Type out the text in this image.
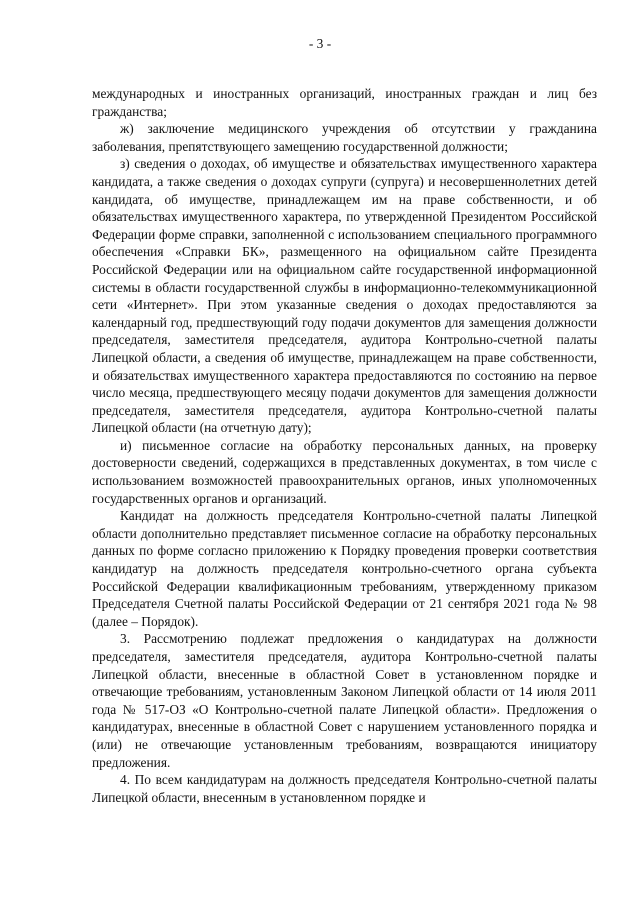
- 3 -

международных и иностранных организаций, иностранных граждан и лиц без гражданства;

ж) заключение медицинского учреждения об отсутствии у гражданина заболевания, препятствующего замещению государственной должности;

з) сведения о доходах, об имуществе и обязательствах имущественного характера кандидата, а также сведения о доходах супруги (супруга) и несовершеннолетних детей кандидата, об имуществе, принадлежащем им на праве собственности, и об обязательствах имущественного характера, по утвержденной Президентом Российской Федерации форме справки, заполненной с использованием специального программного обеспечения «Справки БК», размещенного на официальном сайте Президента Российской Федерации или на официальном сайте государственной информационной системы в области государственной службы в информационно-телекоммуникационной сети «Интернет». При этом указанные сведения о доходах предоставляются за календарный год, предшествующий году подачи документов для замещения должности председателя, заместителя председателя, аудитора Контрольно-счетной палаты Липецкой области, а сведения об имуществе, принадлежащем на праве собственности, и обязательствах имущественного характера предоставляются по состоянию на первое число месяца, предшествующего месяцу подачи документов для замещения должности председателя, заместителя председателя, аудитора Контрольно-счетной палаты Липецкой области (на отчетную дату);

и) письменное согласие на обработку персональных данных, на проверку достоверности сведений, содержащихся в представленных документах, в том числе с использованием возможностей правоохранительных органов, иных уполномоченных государственных органов и организаций.

Кандидат на должность председателя Контрольно-счетной палаты Липецкой области дополнительно представляет письменное согласие на обработку персональных данных по форме согласно приложению к Порядку проведения проверки соответствия кандидатур на должность председателя контрольно-счетного органа субъекта Российской Федерации квалификационным требованиям, утвержденному приказом Председателя Счетной палаты Российской Федерации от 21 сентября 2021 года № 98 (далее – Порядок).

3. Рассмотрению подлежат предложения о кандидатурах на должности председателя, заместителя председателя, аудитора Контрольно-счетной палаты Липецкой области, внесенные в областной Совет в установленном порядке и отвечающие требованиям, установленным Законом Липецкой области от 14 июля 2011 года № 517-ОЗ «О Контрольно-счетной палате Липецкой области». Предложения о кандидатурах, внесенные в областной Совет с нарушением установленного порядка и (или) не отвечающие установленным требованиям, возвращаются инициатору предложения.

4. По всем кандидатурам на должность председателя Контрольно-счетной палаты Липецкой области, внесенным в установленном порядке и
